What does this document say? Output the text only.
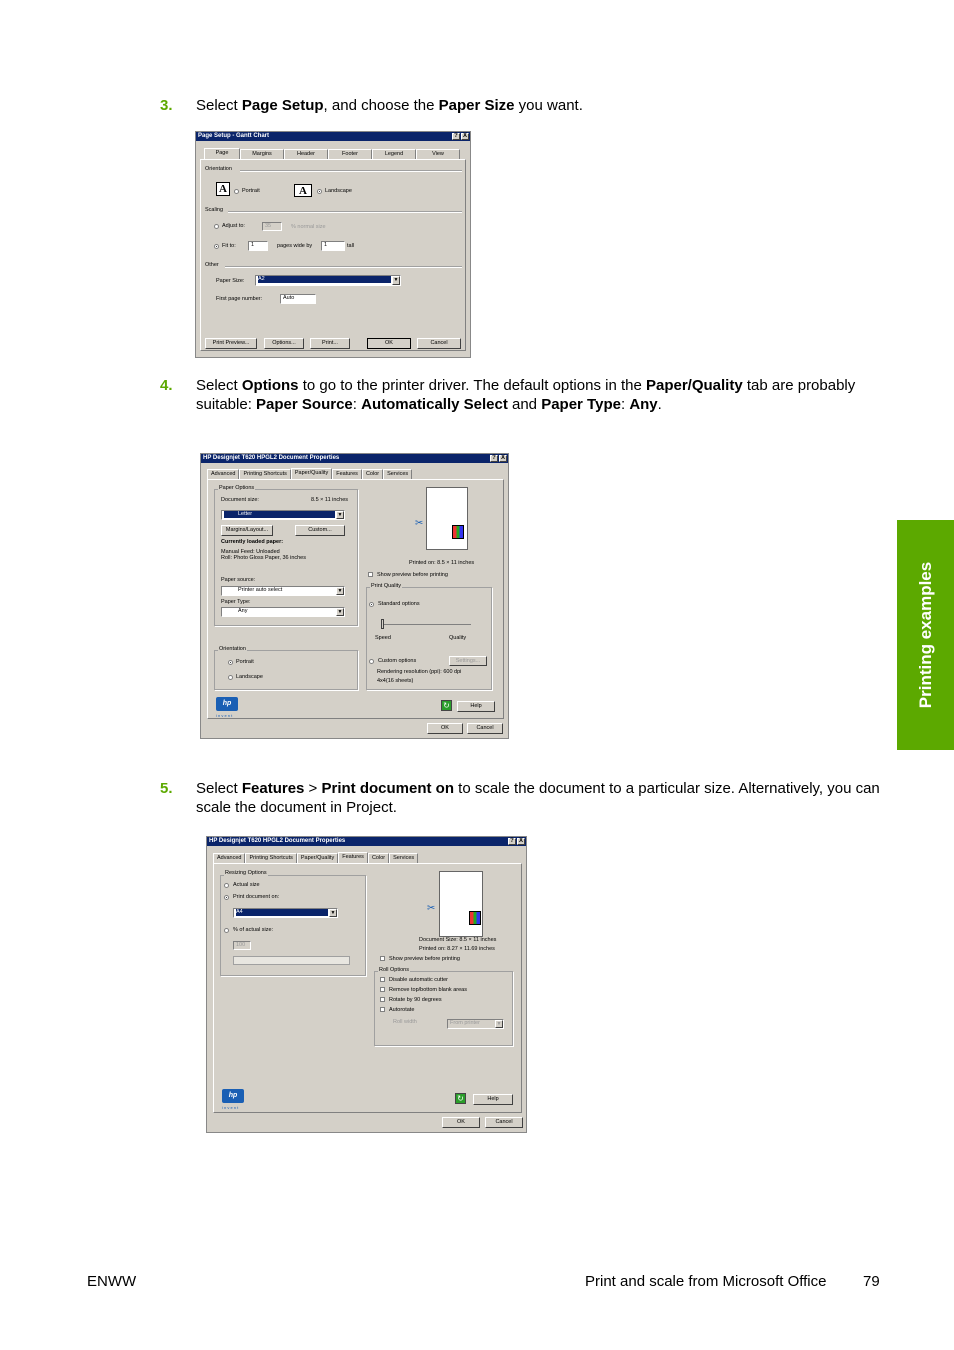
3. Select Page Setup, and choose the Paper Size you want.
4. Select Options to go to the printer driver. The default options in the Paper/Quality tab are probably suitable: Paper Source: Automatically Select and Paper Type: Any.
5. Select Features > Print document on to scale the document to a particular size. Alternatively, you can scale the document in Project.
Page Setup - Gantt Chart	? X
Page	Margins	Header	Footer	Legend	View
Orientation
A	Portrait	A	Landscape
Scaling
Adjust to:	35	% normal size
Fit to:	1	pages wide by	1	tall
Other
Paper Size: A2	▼
First page number:	Auto
Print Preview...	Options...	Print...	OK	Cancel
HP Designjet T620 HPGL2 Document Properties	? X
Advanced	Printing Shortcuts	Paper/Quality	Features	Color	Services
Paper Options
Document size:	8.5 × 11 inches
Letter	▼
Margins/Layout...	Custom...
Currently loaded paper:
Manual Feed: Unloaded
Roll: Photo Gloss Paper, 36 inches
Paper source:
Printer auto select	▼
Paper Type:
Any	▼
Orientation
Portrait
Landscape
✂
Printed on: 8.5 × 11 inches
Show preview before printing
Print Quality
Standard options
Speed	Quality
Custom options	Settings...
Rendering resolution (ppi): 600 dpi
4x4(16 sheets)
hp
i n v e n t
↻	Help
OK	Cancel
HP Designjet T620 HPGL2 Document Properties	? X
Advanced	Printing Shortcuts	Paper/Quality	Features	Color	Services
Resizing Options
Actual size
Print document on:
A4	▼
% of actual size:
100
✂
Document Size: 8.5 × 11 inches
Printed on: 8.27 × 11.69 inches
Show preview before printing
Roll Options
Disable automatic cutter
Remove top/bottom blank areas
Rotate by 90 degrees
Autorotate
Roll width	From printer	▼
hp
i n v e n t
↻	Help
OK	Cancel
Printing examples
ENWW	Print and scale from Microsoft Office 79
